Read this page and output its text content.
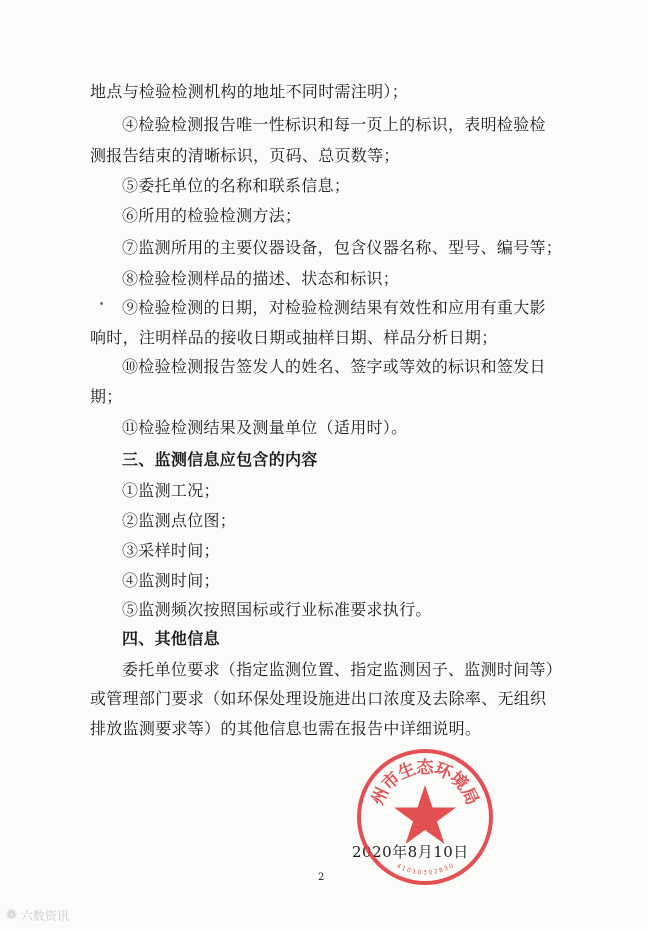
地点与检验检测机构的地址不同时需注明）；
④检验检测报告唯一性标识和每一页上的标识，表明检验检
测报告结束的清晰标识，页码、总页数等；
⑤委托单位的名称和联系信息；
⑥所用的检验检测方法；
⑦监测所用的主要仪器设备，包含仪器名称、型号、编号等；
⑧检验检测样品的描述、状态和标识；
⑨检验检测的日期，对检验检测结果有效性和应用有重大影
响时，注明样品的接收日期或抽样日期、样品分析日期；
⑩检验检测报告签发人的姓名、签字或等效的标识和签发日
期；
⑪检验检测结果及测量单位（适用时）。
三、监测信息应包含的内容
①监测工况；
②监测点位图；
③采样时间；
④监测时间；
⑤监测频次按照国标或行业标准要求执行。
四、其他信息
委托单位要求（指定监测位置、指定监测因子、监测时间等）
或管理部门要求（如环保处理设施进出口浓度及去除率、无组织
排放监测要求等）的其他信息也需在报告中详细说明。
2020年8月10日
2
州
市
生
态
环
境
局
4
1 0 1 0 3 0 2 8 3
0
❁ 六数资讯
